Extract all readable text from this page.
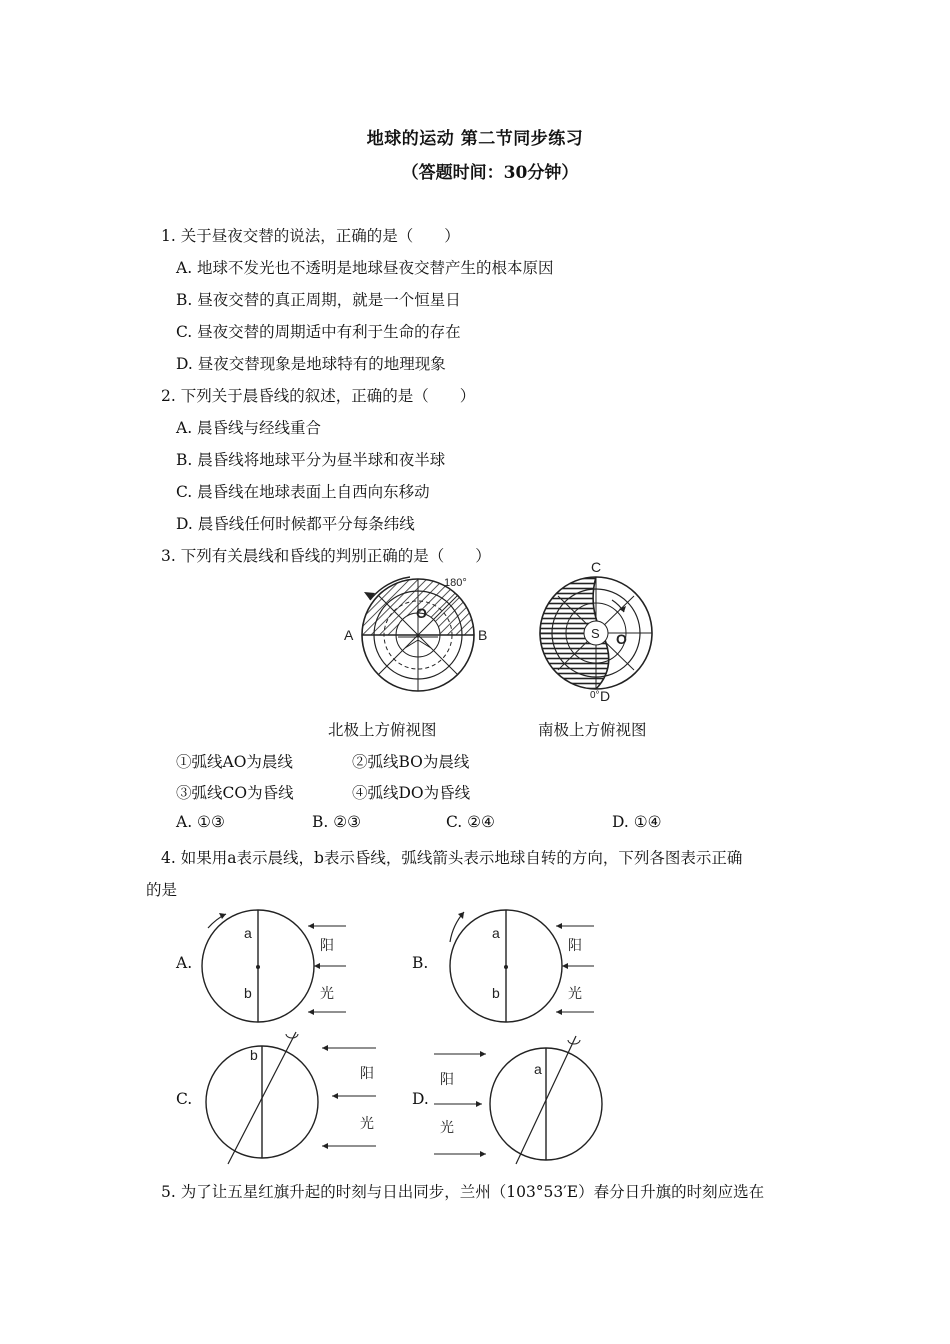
地球的运动 第二节同步练习
（答题时间：30分钟）
1. 关于昼夜交替的说法，正确的是（　　）
A. 地球不发光也不透明是地球昼夜交替产生的根本原因
B. 昼夜交替的真正周期，就是一个恒星日
C. 昼夜交替的周期适中有利于生命的存在
D. 昼夜交替现象是地球特有的地理现象
2. 下列关于晨昏线的叙述，正确的是（　　）
A. 晨昏线与经线重合
B. 晨昏线将地球平分为昼半球和夜半球
C. 晨昏线在地球表面上自西向东移动
D. 晨昏线任何时候都平分每条纬线
3. 下列有关晨线和昏线的判别正确的是（　　）
180°
A	B
O
C
D
0°
S O
北极上方俯视图	南极上方俯视图
①弧线AO为晨线	②弧线BO为晨线
③弧线CO为昏线	④弧线DO为昏线
A. ①③	B. ②③	C. ②④	D. ①④
4. 如果用a表示晨线，b表示昏线，弧线箭头表示地球自转的方向，下列各图表示正确
的是
A.
a
b
阳
光
B.
a
b
阳
光
C.
b
阳
光
D.
a
阳
光
5. 为了让五星红旗升起的时刻与日出同步，兰州（103°53′E）春分日升旗的时刻应选在
